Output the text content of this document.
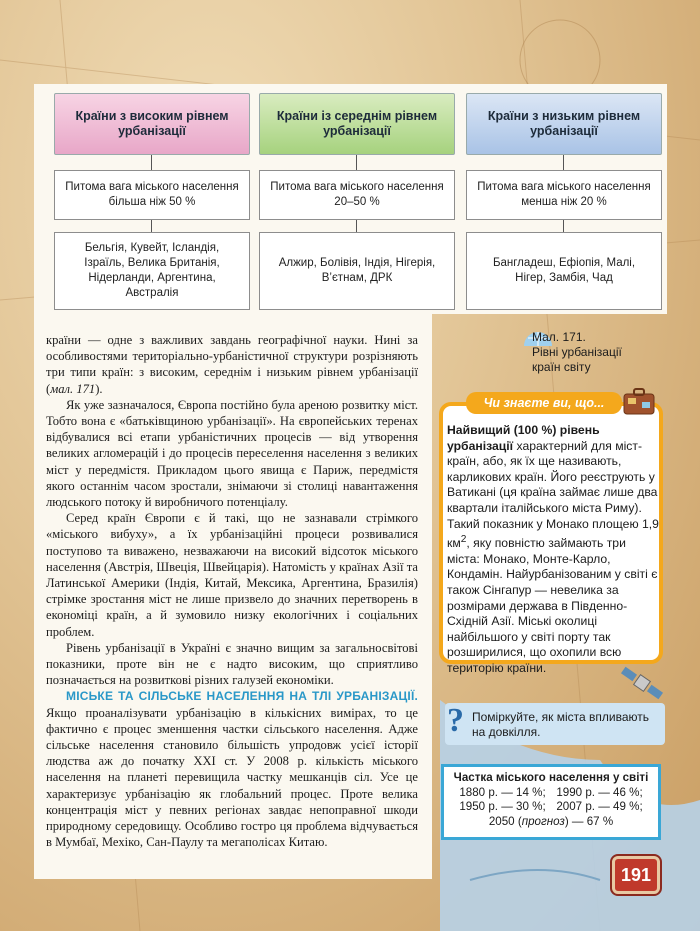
Країни з високим рівнем урбанізації
Питома вага міського населення більша ніж 50 %
Бельгія, Кувейт, Ісландія, Ізраїль, Велика Британія, Нідерланди, Аргентина, Австралія
Країни із середнім рівнем урбанізації
Питома вага міського населення 20–50 %
Алжир, Болівія, Індія, Нігерія, В’єтнам, ДРК
Країни з низьким рівнем урбанізації
Питома вага міського населення менша ніж 20 %
Бангладеш, Ефіопія, Малі, Нігер, Замбія, Чад
Мал. 171.
Рівні урбанізації країн світу

країни — одне з важливих завдань географічної науки. Нині за особливостями територіально-урбаністичної структури розрізняють три типи країн: з високим, середнім і низьким рівнем урбанізації (мал. 171).

Як уже зазначалося, Європа постійно була ареною розвитку міст. Тобто вона є «батьківщиною урбанізації». На європейських теренах відбувалися всі етапи урбаністичних процесів — від утворення великих агломерацій і до процесів переселення населення з великих міст у передмістя. Прикладом цього явища є Париж, передмістя якого останнім часом зростали, знімаючи зі столиці навантаження людського потоку й виробничого потенціалу.

Серед країн Європи є й такі, що не зазнавали стрімкого «міського вибуху», а їх урбанізаційні процеси розвивалися поступово та виважено, незважаючи на високий відсоток міського населення (Австрія, Швеція, Швейцарія). Натомість у країнах Азії та Латинської Америки (Індія, Китай, Мексика, Аргентина, Бразилія) стрімке зростання міст не лише призвело до значних перетворень в економіці країн, а й зумовило низку екологічних і соціальних проблем.

Рівень урбанізації в Україні є значно вищим за загальносвітові показники, проте він не є надто високим, що сприятливо позначається на розвиткові різних галузей економіки.

МІСЬКЕ ТА СІЛЬСЬКЕ НАСЕЛЕННЯ НА ТЛІ УРБАНІЗАЦІЇ. Якщо проаналізувати урбанізацію в кількісних вимірах, то це фактично є процес зменшення частки сільського населення. Адже сільське населення становило більшість упродовж усієї історії людства аж до початку XXI ст. У 2008 р. кількість міського населення на планеті перевищила частку мешканців сіл. Усе це характеризує урбанізацію як глобальний процес. Проте велика концентрація міст у певних регіонах завдає непоправної шкоди природному середовищу. Особливо гостро ця проблема відчувається в Мумбаї, Мехіко, Сан-Паулу та мегаполісах Китаю.

Чи знаєте ви, що...
Найвищий (100 %) рівень урбанізації характерний для міст-країн, або, як їх ще називають, карликових країн. Його реєструють у Ватикані (ця країна займає лише два квартали італійського міста Риму). Такий показник у Монако площею 1,9 $км^2$, яку повністю займають три міста: Монако, Монте-Карло, Кондамін. Найурбанізованим у світі є також Сінгапур — невелика за розмірами держава в Південно-Східній Азії. Міські околиці найбільшого у світі порту так розширилися, що охопили всю територію країни.
? Поміркуйте, як міста впливають на довкілля.
Частка міського населення у світі
1880 р. — 14 %; 1990 р. — 46 %;
1950 р. — 30 %; 2007 р. — 49 %;
2050 (прогноз) — 67 %
191
